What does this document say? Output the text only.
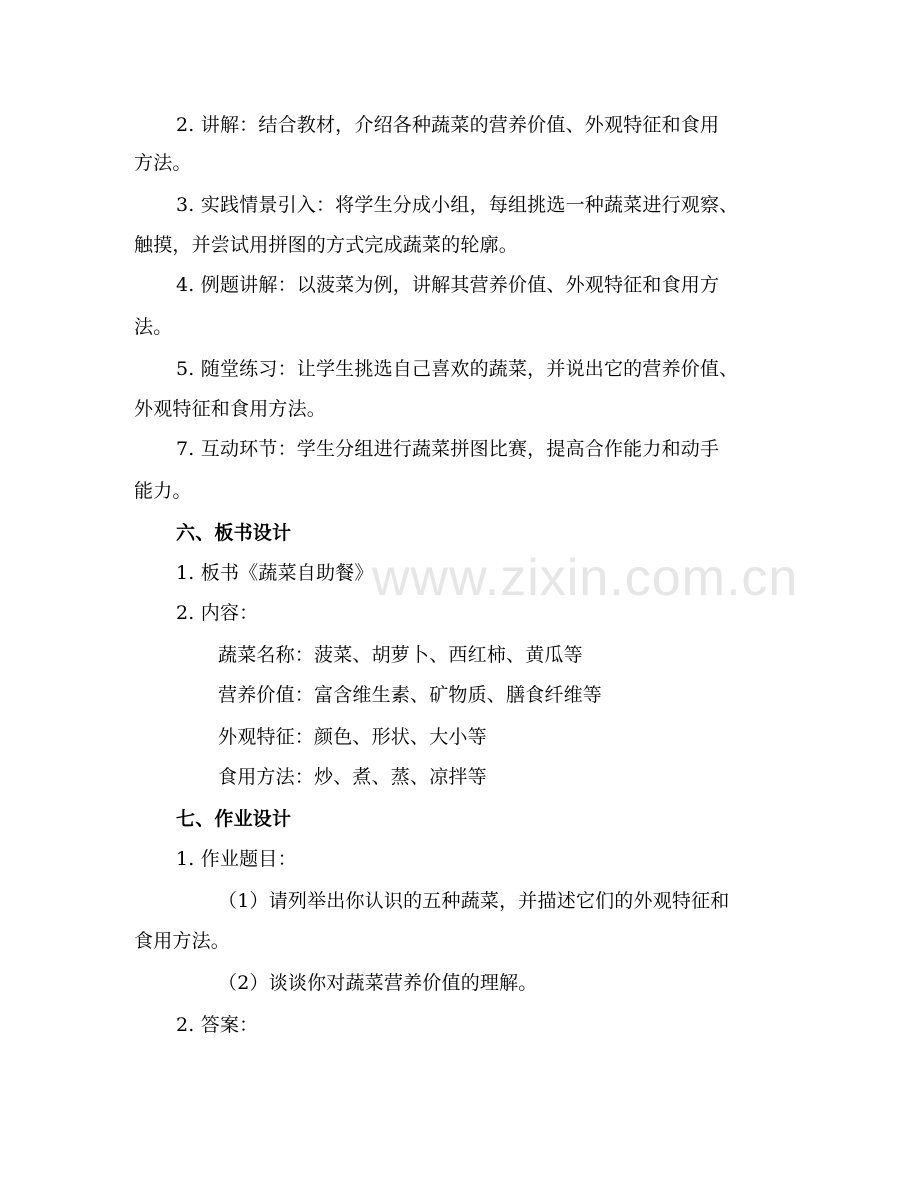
www.zixin.com.cn
2. 讲解：结合教材，介绍各种蔬菜的营养价值、外观特征和食用
方法。
3. 实践情景引入：将学生分成小组，每组挑选一种蔬菜进行观察、
触摸，并尝试用拼图的方式完成蔬菜的轮廓。
4. 例题讲解：以菠菜为例，讲解其营养价值、外观特征和食用方
法。
5. 随堂练习：让学生挑选自己喜欢的蔬菜，并说出它的营养价值、
外观特征和食用方法。
7. 互动环节：学生分组进行蔬菜拼图比赛，提高合作能力和动手
能力。
六、板书设计
1. 板书《蔬菜自助餐》
2. 内容：
蔬菜名称：菠菜、胡萝卜、西红柿、黄瓜等
营养价值：富含维生素、矿物质、膳食纤维等
外观特征：颜色、形状、大小等
食用方法：炒、煮、蒸、凉拌等
七、作业设计
1. 作业题目：
（1）请列举出你认识的五种蔬菜，并描述它们的外观特征和
食用方法。
（2）谈谈你对蔬菜营养价值的理解。
2. 答案：
